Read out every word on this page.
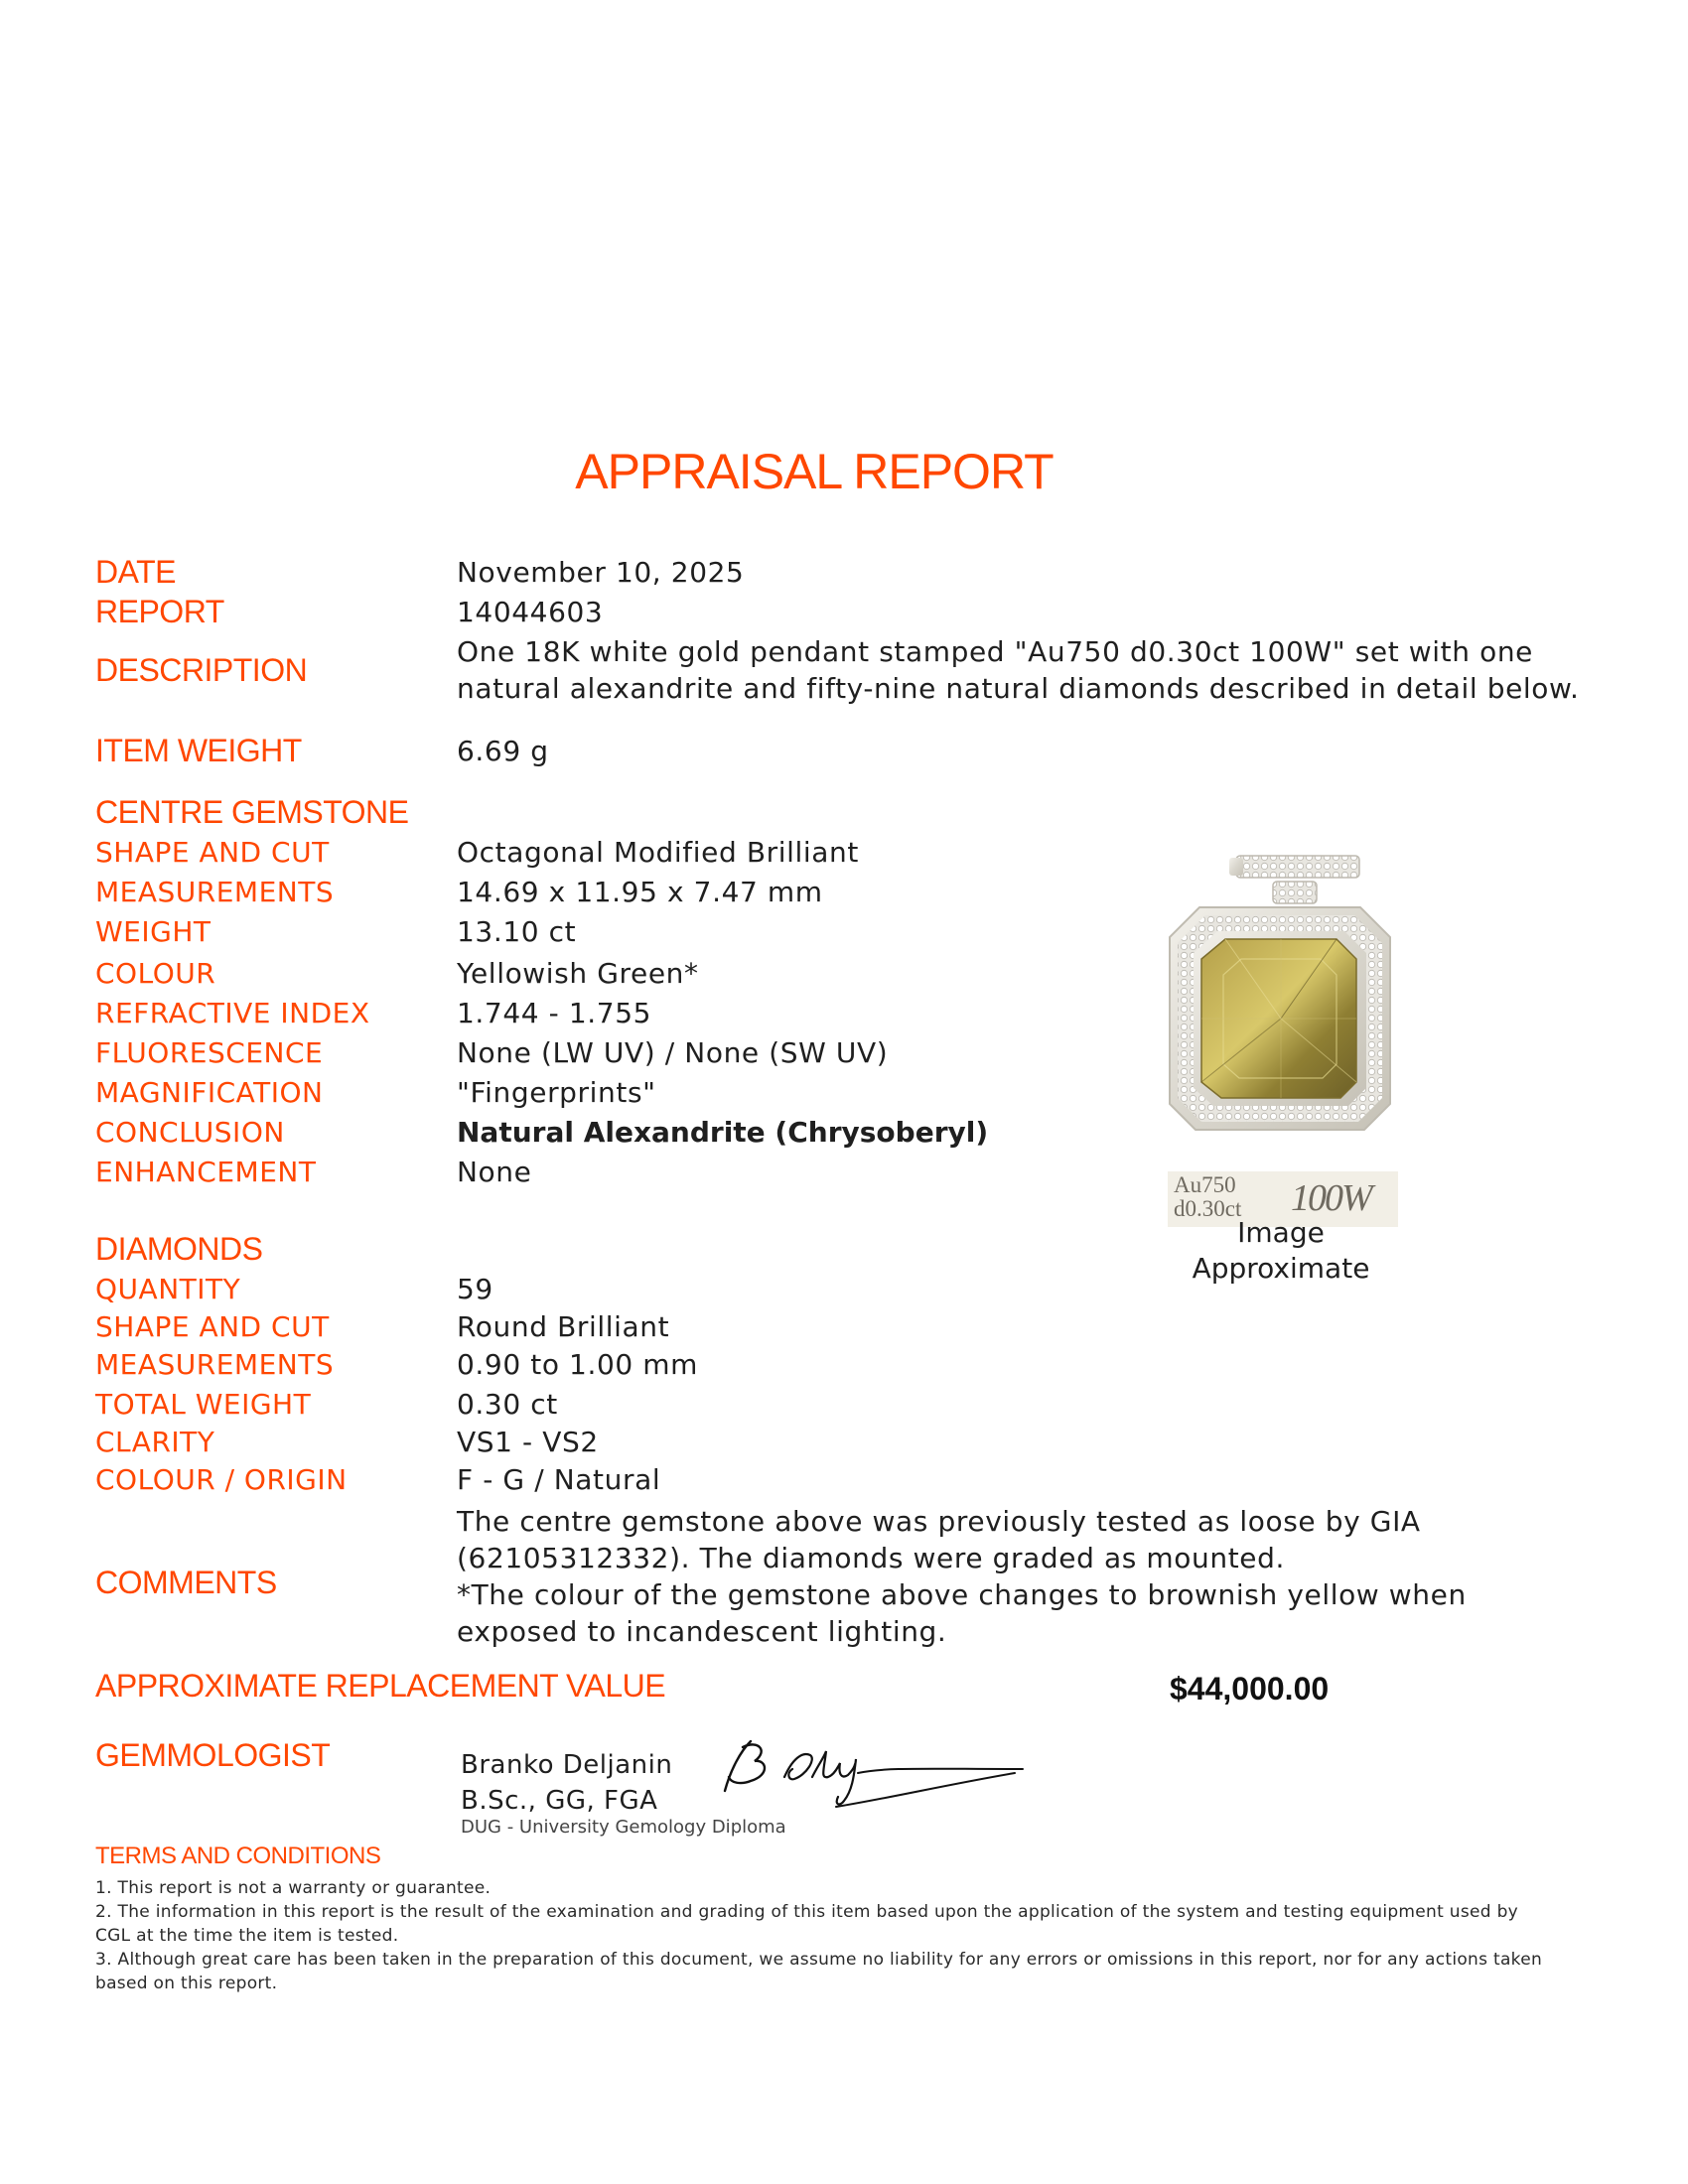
APPRAISAL REPORT
DATE	November 10, 2025
REPORT	14044603
DESCRIPTION
One 18K white gold pendant stamped "Au750 d0.30ct 100W" set with one natural alexandrite and fifty-nine natural diamonds described in detail below.
ITEM WEIGHT	6.69 g
CENTRE GEMSTONE
SHAPE AND CUT	Octagonal Modified Brilliant
MEASUREMENTS	14.69 x 11.95 x 7.47 mm
WEIGHT	13.10 ct
COLOUR	Yellowish Green*
REFRACTIVE INDEX	1.744 - 1.755
FLUORESCENCE	None (LW UV) / None (SW UV)
MAGNIFICATION	"Fingerprints"
CONCLUSION	Natural Alexandrite (Chrysoberyl)
ENHANCEMENT	None
DIAMONDS
QUANTITY	59
SHAPE AND CUT	Round Brilliant
MEASUREMENTS	0.90 to 1.00 mm
TOTAL WEIGHT	0.30 ct
CLARITY	VS1 - VS2
COLOUR / ORIGIN	F - G / Natural
Au750
d0.30ct 100W
Image
Approximate
COMMENTS
The centre gemstone above was previously tested as loose by GIA (62105312332). The diamonds were graded as mounted.
*The colour of the gemstone above changes to brownish yellow when exposed to incandescent lighting.
APPROXIMATE REPLACEMENT VALUE	$44,000.00
GEMMOLOGIST	Branko Deljanin
B.Sc., GG, FGA
DUG - University Gemology Diploma
TERMS AND CONDITIONS
1. This report is not a warranty or guarantee.
2. The information in this report is the result of the examination and grading of this item based upon the application of the system and testing equipment used by CGL at the time the item is tested.
3. Although great care has been taken in the preparation of this document, we assume no liability for any errors or omissions in this report, nor for any actions taken based on this report.
